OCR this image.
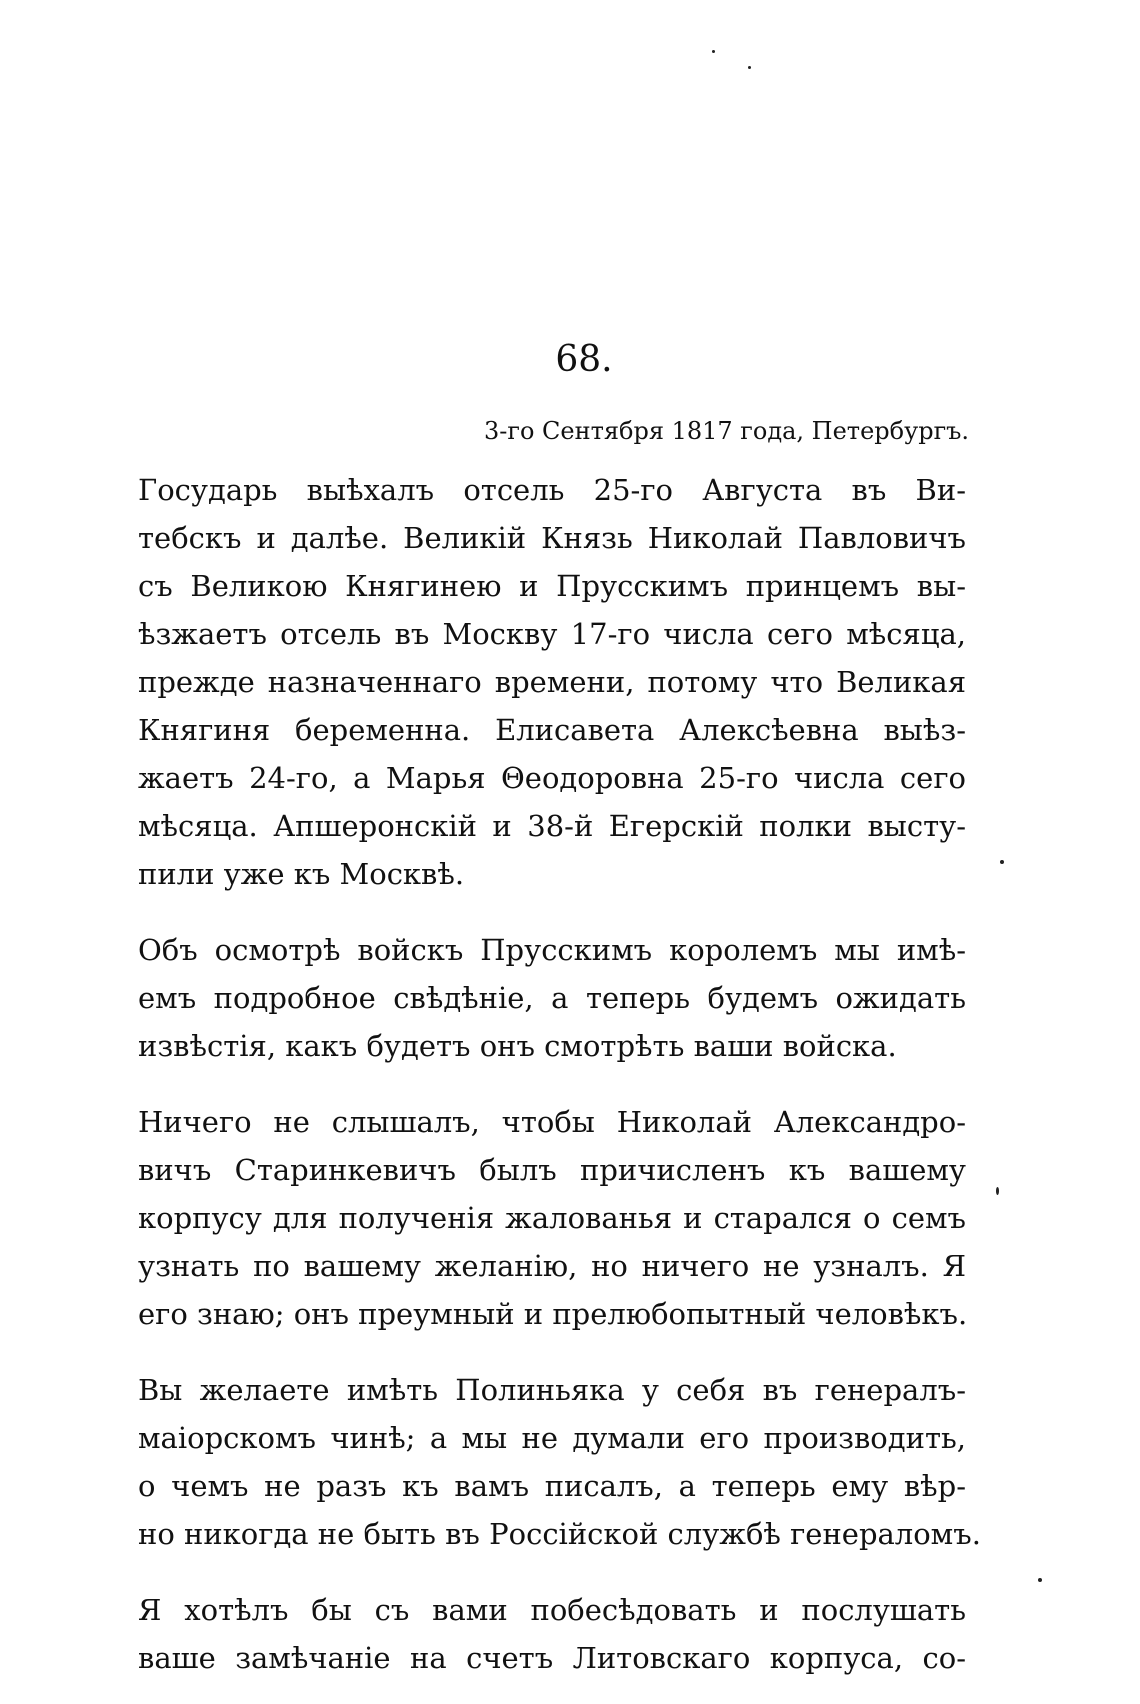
68.
3-го Сентября 1817 года, Петербургъ.

Государь выѣхалъ отсель 25-го Августа въ Ви-
тебскъ и далѣе. Великій Князь Николай Павловичъ
съ Великою Княгинею и Прусскимъ принцемъ вы-
ѣзжаетъ отсель въ Москву 17-го числа сего мѣсяца,
прежде назначеннаго времени, потому что Великая
Княгиня беременна. Елисавета Алексѣевна выѣз-
жаетъ 24-го, а Марья Θеодоровна 25-го числа сего
мѣсяца. Апшеронскій и 38-й Егерскій полки высту-
пили уже къ Москвѣ.

Объ осмотрѣ войскъ Прусскимъ королемъ мы имѣ-
емъ подробное свѣдѣніе, а теперь будемъ ожидать
извѣстія, какъ будетъ онъ смотрѣть ваши войска.

Ничего не слышалъ, чтобы Николай Александро-
вичъ Старинкевичъ былъ причисленъ къ вашему
корпусу для полученія жалованья и старался о семъ
узнать по вашему желанію, но ничего не узналъ. Я
его знаю; онъ преумный и прелюбопытный человѣкъ.

Вы желаете имѣть Полиньяка у себя въ генералъ-
маіорскомъ чинѣ; а мы не думали его производить,
о чемъ не разъ къ вамъ писалъ, а теперь ему вѣр-
но никогда не быть въ Россійской службѣ генераломъ.

Я хотѣлъ бы съ вами побесѣдовать и послушать
ваше замѣчаніе на счетъ Литовскаго корпуса, со-
